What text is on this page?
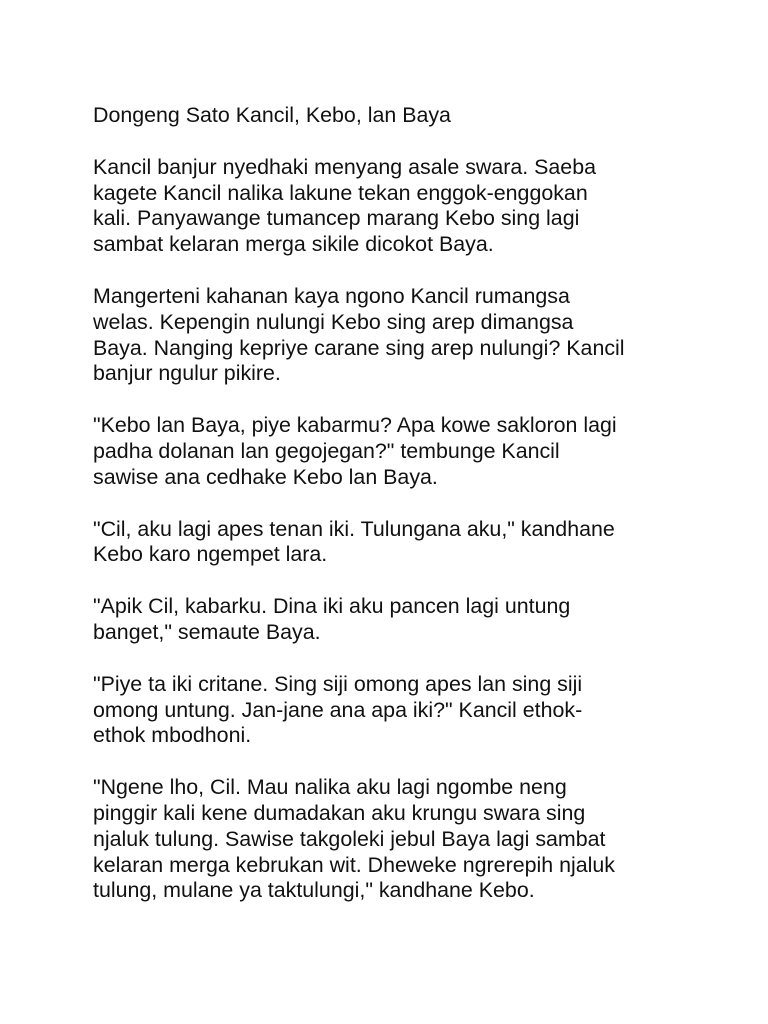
Dongeng Sato Kancil, Kebo, lan Baya
Kancil banjur nyedhaki menyang asale swara. Saeba
kagete Kancil nalika lakune tekan enggok-enggokan
kali. Panyawange tumancep marang Kebo sing lagi
sambat kelaran merga sikile dicokot Baya.
Mangerteni kahanan kaya ngono Kancil rumangsa
welas. Kepengin nulungi Kebo sing arep dimangsa
Baya. Nanging kepriye carane sing arep nulungi? Kancil
banjur ngulur pikire.
"Kebo lan Baya, piye kabarmu? Apa kowe sakloron lagi
padha dolanan lan gegojegan?" tembunge Kancil
sawise ana cedhake Kebo lan Baya.
"Cil, aku lagi apes tenan iki. Tulungana aku," kandhane
Kebo karo ngempet lara.
"Apik Cil, kabarku. Dina iki aku pancen lagi untung
banget," semaute Baya.
"Piye ta iki critane. Sing siji omong apes lan sing siji
omong untung. Jan-jane ana apa iki?" Kancil ethok-
ethok mbodhoni.
"Ngene lho, Cil. Mau nalika aku lagi ngombe neng
pinggir kali kene dumadakan aku krungu swara sing
njaluk tulung. Sawise takgoleki jebul Baya lagi sambat
kelaran merga kebrukan wit. Dheweke ngrerepih njaluk
tulung, mulane ya taktulungi," kandhane Kebo.
